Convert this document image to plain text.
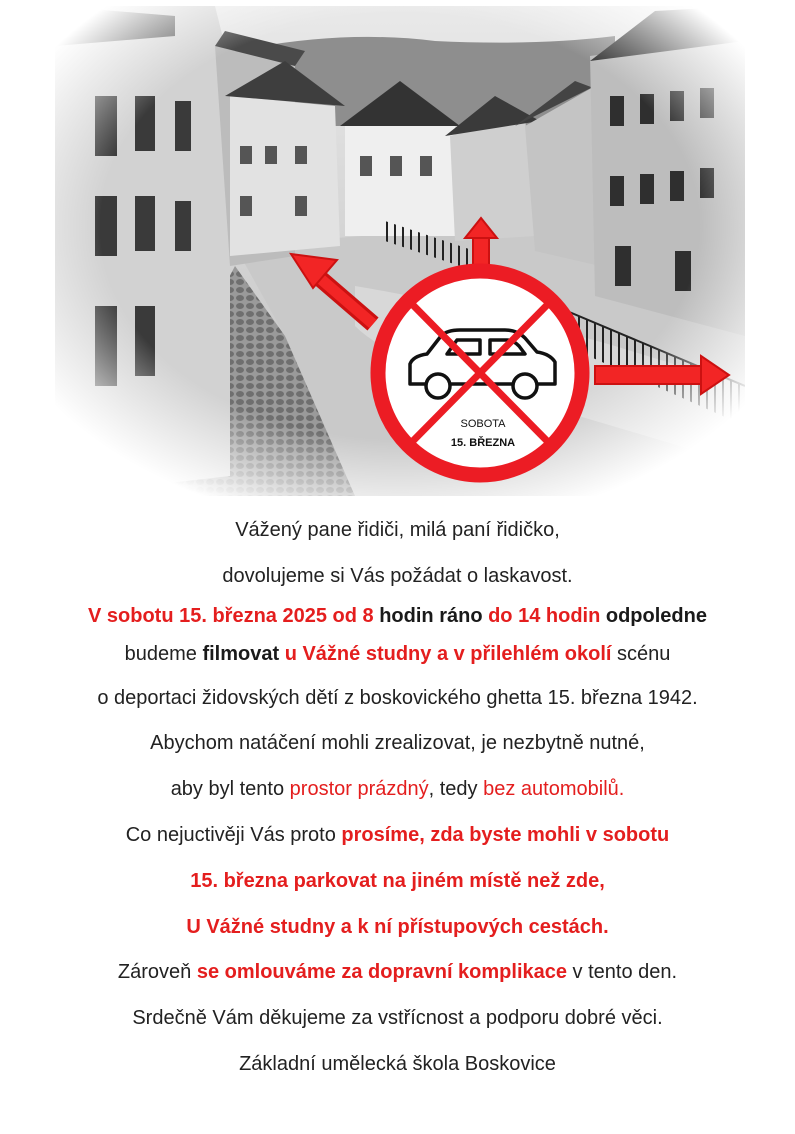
SOBOTA
15. BŘEZNA
Vážený pane řidiči, milá paní řidičko,
dovolujeme si Vás požádat o laskavost.
V sobotu 15. března 2025 od 8 hodin ráno do 14 hodin odpoledne
budeme filmovat u Vážné studny a v přilehlém okolí scénu
o deportaci židovských dětí z boskovického ghetta 15. března 1942.
Abychom natáčení mohli zrealizovat, je nezbytně nutné,
aby byl tento prostor prázdný, tedy bez automobilů.
Co nejuctivěji Vás proto prosíme, zda byste mohli v sobotu
15. března parkovat na jiném místě než zde,
U Vážné studny a k ní přístupových cestách.
Zároveň se omlouváme za dopravní komplikace v tento den.
Srdečně Vám děkujeme za vstřícnost a podporu dobré věci.
Základní umělecká škola Boskovice
